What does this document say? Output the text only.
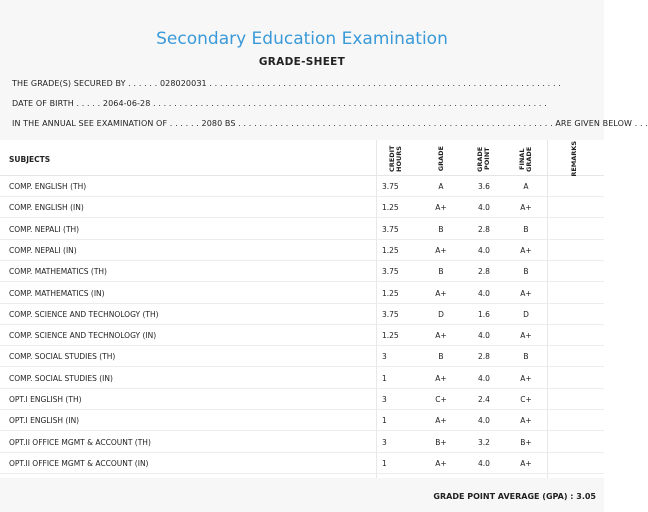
Secondary Education Examination
GRADE-SHEET
THE GRADE(S) SECURED BY . . . . . . 0280200З1 . . . . . . . . . . . . . . . . . . . . . . . . . . . . . . . . . . . . . . . . . . . . . . . . . . . . . . . . . . . . . . . . . . .
DATE OF BIRTH . . . . . 2064-06-28 . . . . . . . . . . . . . . . . . . . . . . . . . . . . . . . . . . . . . . . . . . . . . . . . . . . . . . . . . . . . . . . . . . . . . . . . . . .
IN THE ANNUAL SEE EXAMINATION OF . . . . . . 2080 BS . . . . . . . . . . . . . . . . . . . . . . . . . . . . . . . . . . . . . . . . . . . . . . . . . . . . . . . . . . . . ARE GIVEN BELOW . . .
SUBJECTS	CREDIT HOURS	GRADE	GRADE POINT	FINAL GRADE	REMARKS
COMP. ENGLISH (TH)	3.75	A	3.6	A
COMP. ENGLISH (IN)	1.25	A+	4.0	A+
COMP. NEPALI (TH)	3.75	B	2.8	B
COMP. NEPALI (IN)	1.25	A+	4.0	A+
COMP. MATHEMATICS (TH)	3.75	B	2.8	B
COMP. MATHEMATICS (IN)	1.25	A+	4.0	A+
COMP. SCIENCE AND TECHNOLOGY (TH)	3.75	D	1.6	D
COMP. SCIENCE AND TECHNOLOGY (IN)	1.25	A+	4.0	A+
COMP. SOCIAL STUDIES (TH)	3	B	2.8	B
COMP. SOCIAL STUDIES (IN)	1	A+	4.0	A+
OPT.I ENGLISH (TH)	3	C+	2.4	C+
OPT.I ENGLISH (IN)	1	A+	4.0	A+
OPT.II OFFICE MGMT & ACCOUNT (TH)	3	B+	3.2	B+
OPT.II OFFICE MGMT & ACCOUNT (IN)	1	A+	4.0	A+
GRADE POINT AVERAGE (GPA) : 3.05
